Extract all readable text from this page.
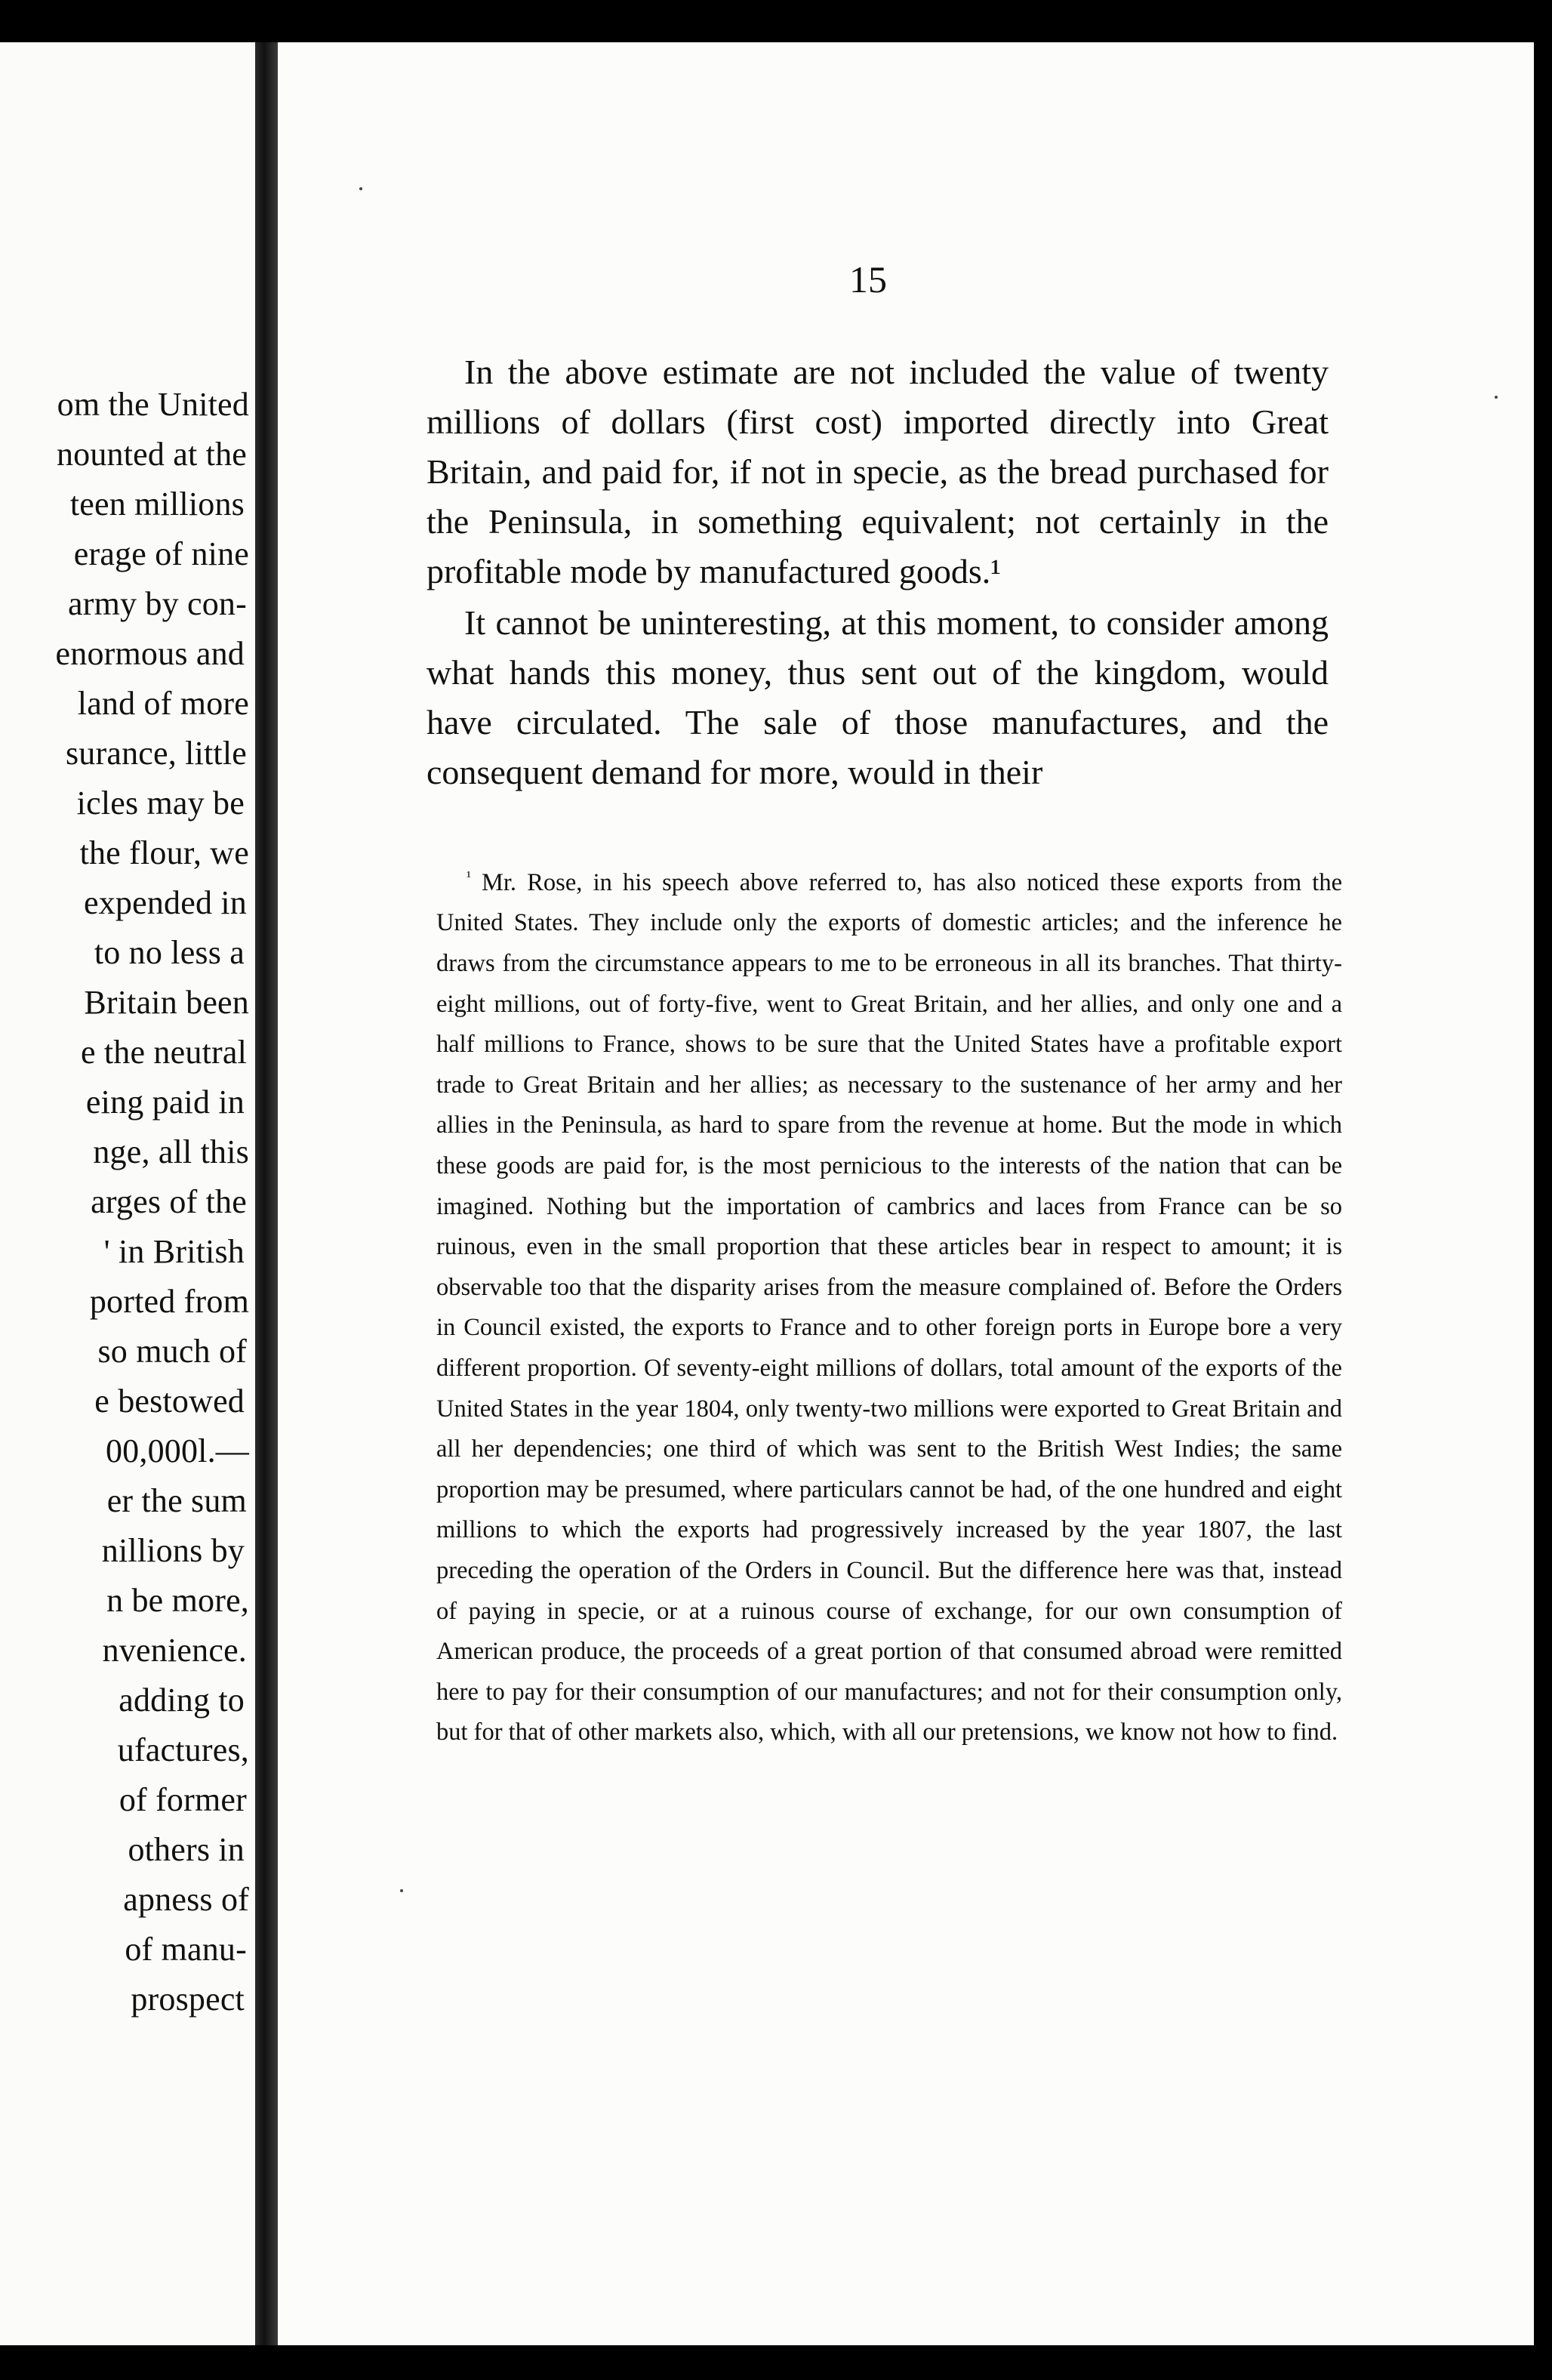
om the United
nounted at the
teen millions
erage of nine
army by con-
enormous and
land of more
surance, little
icles may be
the flour, we
expended in
to no less a
Britain been
e the neutral
eing paid in
nge, all this
arges of the
' in British
ported from
so much of
e bestowed
00,000l.—
er the sum
nillions by
n be more,
nvenience.
adding to
ufactures,
of former
others in
apness of
of manu-
prospect
15

In the above estimate are not included the value of twenty millions of dollars (first cost) imported directly into Great Britain, and paid for, if not in specie, as the bread purchased for the Peninsula, in something equivalent; not certainly in the profitable mode by manufactured goods.¹

It cannot be uninteresting, at this moment, to consider among what hands this money, thus sent out of the kingdom, would have circulated. The sale of those manufactures, and the consequent demand for more, would in their

$^{^1}$ Mr. Rose, in his speech above referred to, has also noticed these exports from the United States. They include only the exports of domestic articles; and the inference he draws from the circumstance appears to me to be erroneous in all its branches. That thirty-eight millions, out of forty-five, went to Great Britain, and her allies, and only one and a half millions to France, shows to be sure that the United States have a profitable export trade to Great Britain and her allies; as necessary to the sustenance of her army and her allies in the Peninsula, as hard to spare from the revenue at home. But the mode in which these goods are paid for, is the most pernicious to the interests of the nation that can be imagined. Nothing but the importation of cambrics and laces from France can be so ruinous, even in the small proportion that these articles bear in respect to amount; it is observable too that the disparity arises from the measure complained of. Before the Orders in Council existed, the exports to France and to other foreign ports in Europe bore a very different proportion. Of seventy-eight millions of dollars, total amount of the exports of the United States in the year 1804, only twenty-two millions were exported to Great Britain and all her dependencies; one third of which was sent to the British West Indies; the same proportion may be presumed, where particulars cannot be had, of the one hundred and eight millions to which the exports had progressively increased by the year 1807, the last preceding the operation of the Orders in Council. But the difference here was that, instead of paying in specie, or at a ruinous course of exchange, for our own consumption of American produce, the proceeds of a great portion of that consumed abroad were remitted here to pay for their consumption of our manufactures; and not for their consumption only, but for that of other markets also, which, with all our pretensions, we know not how to find.
